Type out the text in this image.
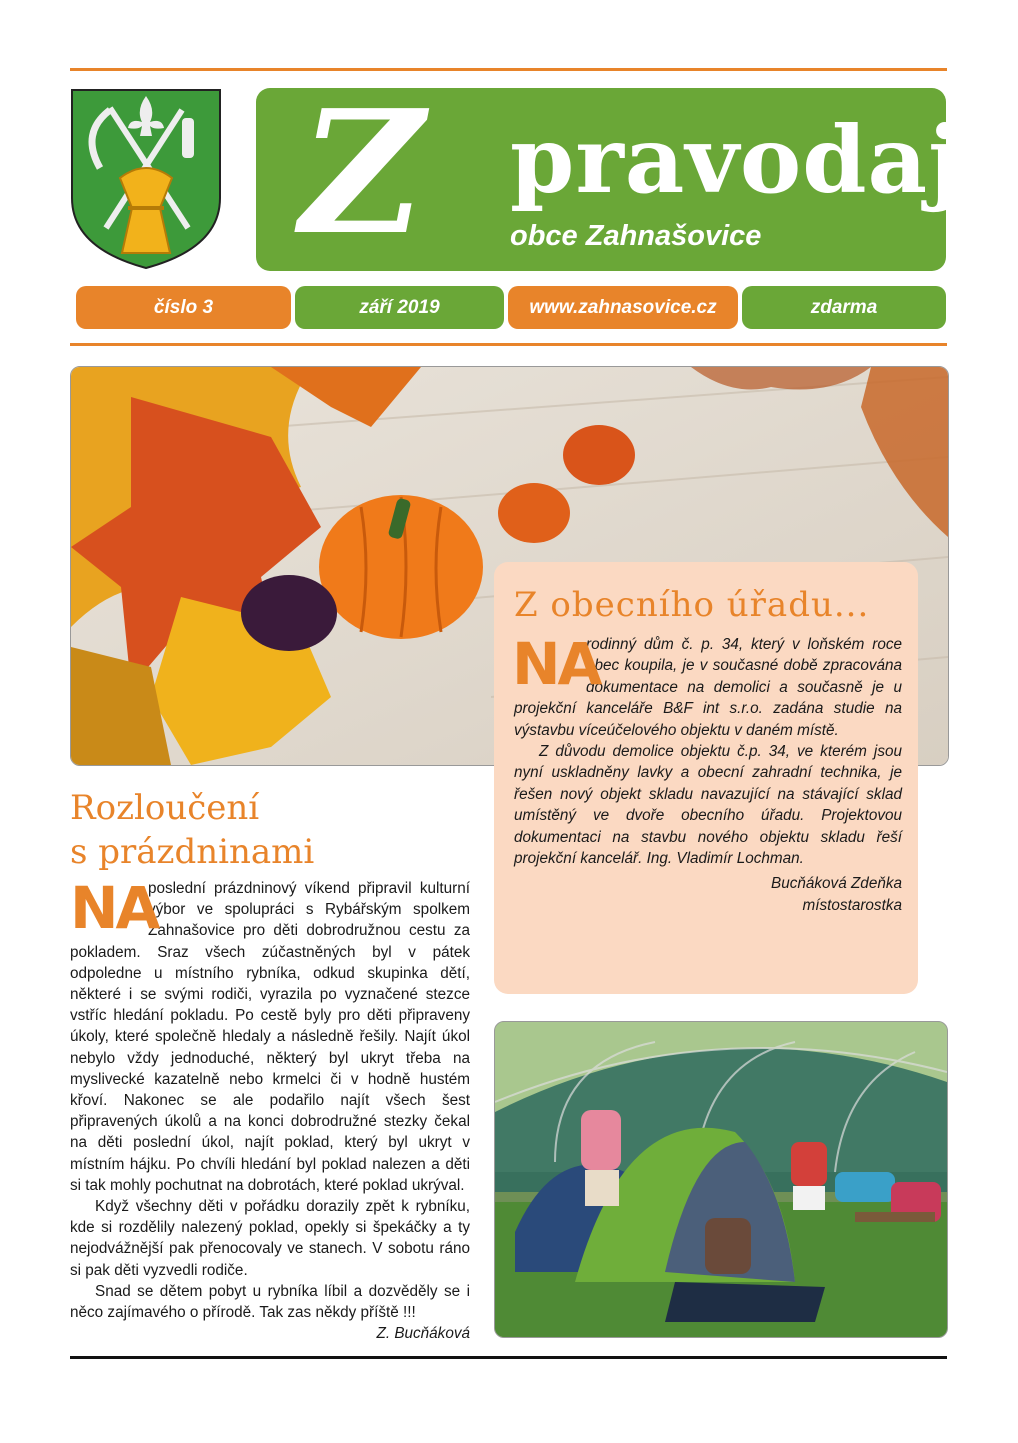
Z pravodaj
obce Zahnašovice
číslo 3	září 2019	www.zahnasovice.cz	zdarma
Z obecního úřadu...

rodinný dům č. p. 34, který v loňském roce obec koupila, je v současné době zpracována dokumentace na demolici a současně je u projekční kanceláře B&F int s.r.o. zadána studie na výstavbu víceúčelového objektu v daném místě.

Z důvodu demolice objektu č.p. 34, ve kterém jsou nyní uskladněny lavky a obecní zahradní technika, je řešen nový objekt skladu navazující na stávající sklad umístěný ve dvoře obecního úřadu. Projektovou dokumentaci na stavbu nového objektu skladu řeší projekční kancelář. Ing. Vladimír Lochman.

Bucňáková Zdeňka

místostarostka

NA
Rozloučení
s prázdninami

poslední prázdninový víkend připravil kulturní výbor ve spolupráci s Rybářským spolkem Zahnašovice pro děti dobrodružnou cestu za pokladem. Sraz všech zúčastněných byl v pátek odpoledne u místního rybníka, odkud skupinka dětí, některé i se svými rodiči, vyrazila po vyznačené stezce vstříc hledání pokladu. Po cestě byly pro děti připraveny úkoly, které společně hledaly a následně řešily. Najít úkol nebylo vždy jednoduché, některý byl ukryt třeba na myslivecké kazatelně nebo krmelci či v hodně hustém křoví. Nakonec se ale podařilo najít všech šest připravených úkolů a na konci dobrodružné stezky čekal na děti poslední úkol, najít poklad, který byl ukryt v místním hájku. Po chvíli hledání byl poklad nalezen a děti si tak mohly pochutnat na dobrotách, které poklad ukrýval.

Když všechny děti v pořádku dorazily zpět k rybníku, kde si rozdělily nalezený poklad, opekly si špekáčky a ty nejodvážnější pak přenocovaly ve stanech. V sobotu ráno si pak děti vyzvedli rodiče.

Snad se dětem pobyt u rybníka líbil a dozvěděly se i něco zajímavého o přírodě. Tak zas někdy příště !!!

Z. Bucňáková

NA
